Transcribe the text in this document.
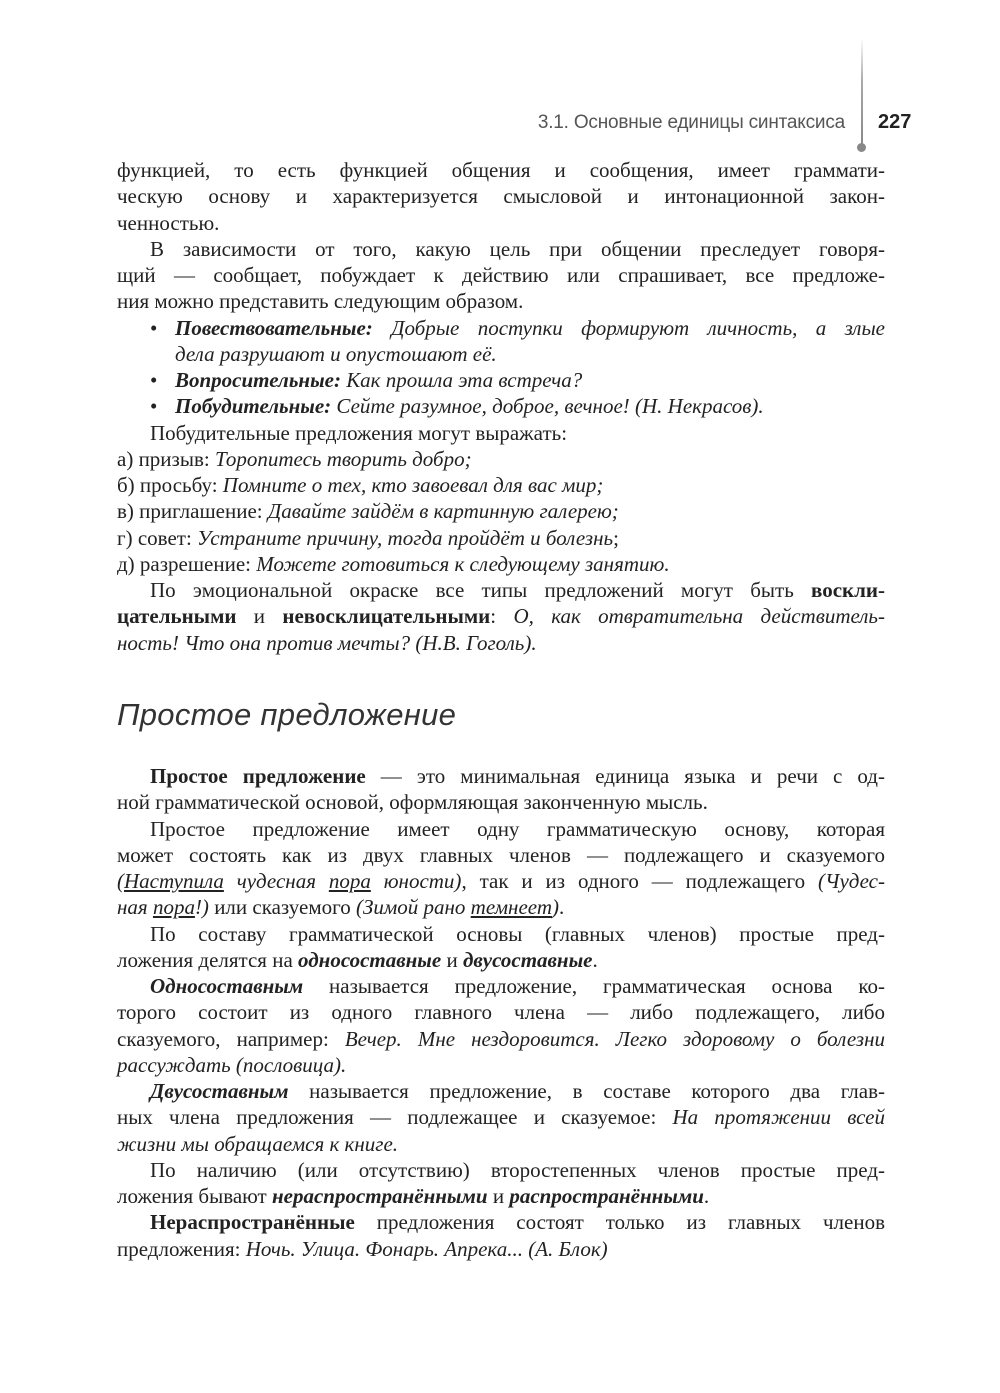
3.1. Основные единицы синтаксиса 227
функцией, то есть функцией общения и сообщения, имеет граммати-
ческую основу и характеризуется смысловой и интонационной закон-
ченностью.
В зависимости от того, какую цель при общении преследует говоря-
щий — сообщает, побуждает к действию или спрашивает, все предложе-
ния можно представить следующим образом.
• Повествовательные: Добрые поступки формируют личность, а злые
дела разрушают и опустошают её.
• Вопросительные: Как прошла эта встреча?
• Побудительные: Сейте разумное, доброе, вечное! (Н. Некрасов).
Побудительные предложения могут выражать:
а) призыв: Торопитесь творить добро;
б) просьбу: Помните о тех, кто завоевал для вас мир;
в) приглашение: Давайте зайдём в картинную галерею;
г) совет: Устраните причину, тогда пройдёт и болезнь;
д) разрешение: Можете готовиться к следующему занятию.
По эмоциональной окраске все типы предложений могут быть воскли-
цательными и невосклицательными: О, как отвратительна действитель-
ность! Что она против мечты? (Н.В. Гоголь).
Простое предложение
Простое предложение — это минимальная единица языка и речи с од-
ной грамматической основой, оформляющая законченную мысль.
Простое предложение имеет одну грамматическую основу, которая
может состоять как из двух главных членов — подлежащего и сказуемого
(Наступила чудесная пора юности), так и из одного — подлежащего (Чудес-
ная пора!) или сказуемого (Зимой рано темнеет).
По составу грамматической основы (главных членов) простые пред-
ложения делятся на односоставные и двусоставные.
Односоставным называется предложение, грамматическая основа ко-
торого состоит из одного главного члена — либо подлежащего, либо
сказуемого, например: Вечер. Мне нездоровится. Легко здоровому о болезни
рассуждать (пословица).
Двусоставным называется предложение, в составе которого два глав-
ных члена предложения — подлежащее и сказуемое: На протяжении всей
жизни мы обращаемся к книге.
По наличию (или отсутствию) второстепенных членов простые пред-
ложения бывают нераспространёнными и распространёнными.
Нераспространённые предложения состоят только из главных членов
предложения: Ночь. Улица. Фонарь. Апрека... (А. Блок)
